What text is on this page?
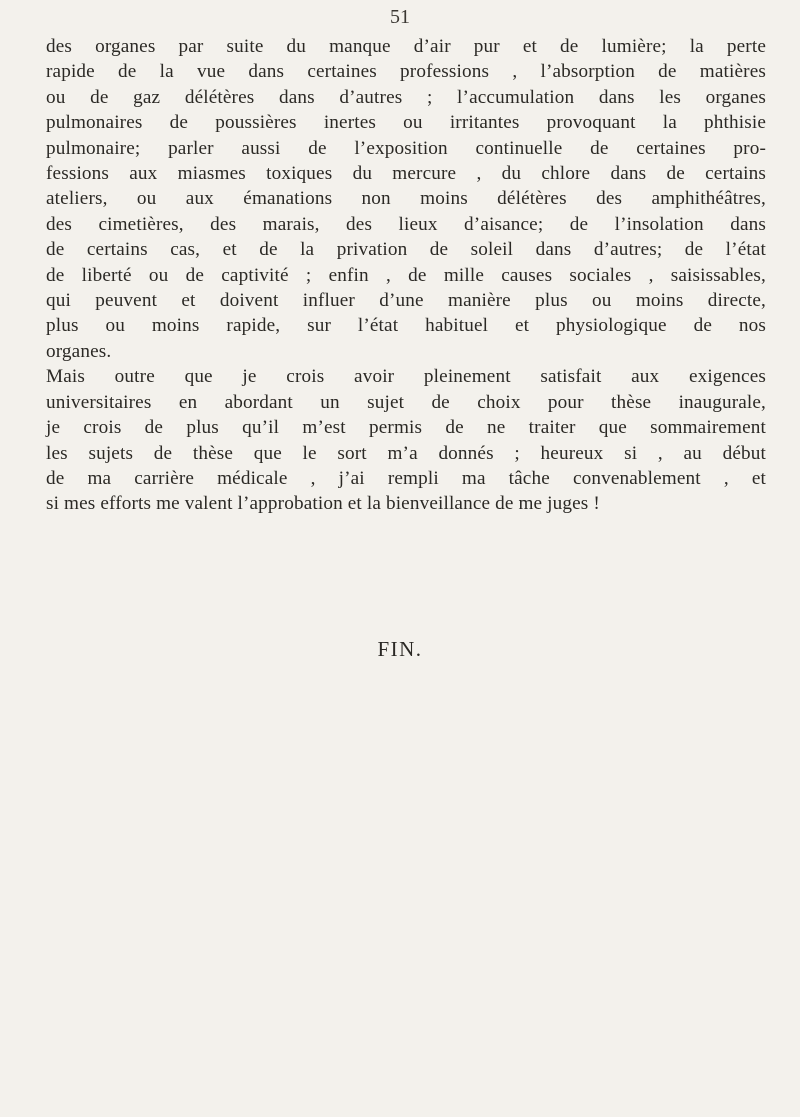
51

des organes par suite du manque d’air pur et de lumière; la perte
rapide de la vue dans certaines professions , l’absorption de matières
ou de gaz délétères dans d’autres ; l’accumulation dans les organes
pulmonaires de poussières inertes ou irritantes provoquant la phthisie
pulmonaire; parler aussi de l’exposition continuelle de certaines pro-
fessions aux miasmes toxiques du mercure , du chlore dans de certains
ateliers, ou aux émanations non moins délétères des amphithéâtres,
des cimetières, des marais, des lieux d’aisance; de l’insolation dans
de certains cas, et de la privation de soleil dans d’autres; de l’état
de liberté ou de captivité ; enfin , de mille causes sociales , saisissables,
qui peuvent et doivent influer d’une manière plus ou moins directe,
plus ou moins rapide, sur l’état habituel et physiologique de nos
organes.

Mais outre que je crois avoir pleinement satisfait aux exigences
universitaires en abordant un sujet de choix pour thèse inaugurale,
je crois de plus qu’il m’est permis de ne traiter que sommairement
les sujets de thèse que le sort m’a donnés ; heureux si , au début
de ma carrière médicale , j’ai rempli ma tâche convenablement , et
si mes efforts me valent l’approbation et la bienveillance de me juges !

FIN.
